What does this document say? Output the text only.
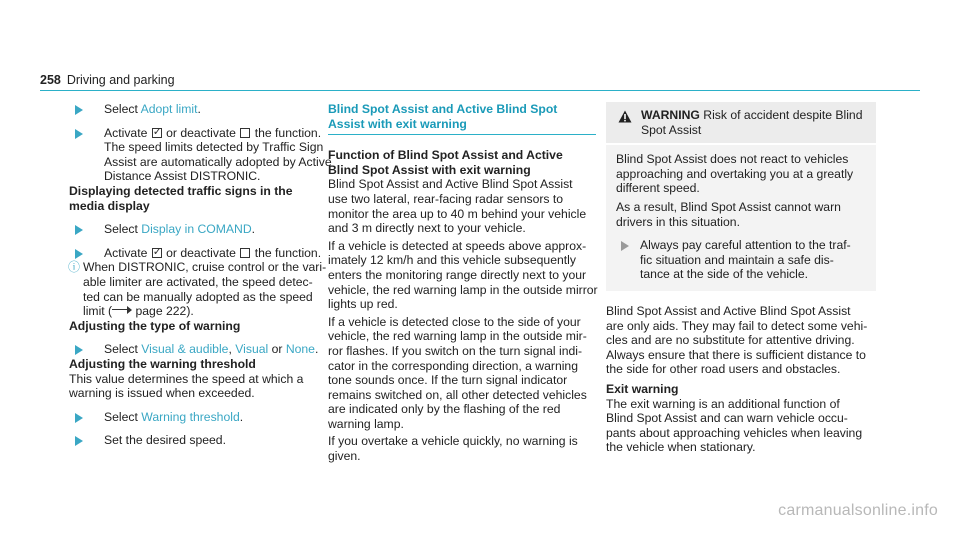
258 Driving and parking
Select Adopt limit.
Activate ✓ or deactivate  the function.
The speed limits detected by Traffic Sign
Assist are automatically adopted by Active
Distance Assist DISTRONIC.
Displaying detected traffic signs in the
media display
Select Display in COMAND.
Activate ✓ or deactivate  the function.
ⓘ When DISTRONIC, cruise control or the vari-
able limiter are activated, the speed detec-
ted can be manually adopted as the speed
limit ( page 222).
Adjusting the type of warning
Select Visual & audible, Visual or None.
Adjusting the warning threshold
This value determines the speed at which a
warning is issued when exceeded.
Select Warning threshold.
Set the desired speed.
Blind Spot Assist and Active Blind Spot
Assist with exit warning
Function of Blind Spot Assist and Active
Blind Spot Assist with exit warning
Blind Spot Assist and Active Blind Spot Assist
use two lateral, rear-facing radar sensors to
monitor the area up to 40 m behind your vehicle
and 3 m directly next to your vehicle.
If a vehicle is detected at speeds above approx-
imately 12 km/h and this vehicle subsequently
enters the monitoring range directly next to your
vehicle, the red warning lamp in the outside mirror
lights up red.
If a vehicle is detected close to the side of your
vehicle, the red warning lamp in the outside mir-
ror flashes. If you switch on the turn signal indi-
cator in the corresponding direction, a warning
tone sounds once. If the turn signal indicator
remains switched on, all other detected vehicles
are indicated only by the flashing of the red
warning lamp.
If you overtake a vehicle quickly, no warning is
given.
WARNING Risk of accident despite Blind
Spot Assist
Blind Spot Assist does not react to vehicles
approaching and overtaking you at a greatly
different speed.
As a result, Blind Spot Assist cannot warn
drivers in this situation.
Always pay careful attention to the traf-
fic situation and maintain a safe dis-
tance at the side of the vehicle.
Blind Spot Assist and Active Blind Spot Assist
are only aids. They may fail to detect some vehi-
cles and are no substitute for attentive driving.
Always ensure that there is sufficient distance to
the side for other road users and obstacles.
Exit warning
The exit warning is an additional function of
Blind Spot Assist and can warn vehicle occu-
pants about approaching vehicles when leaving
the vehicle when stationary.
carmanualsonline.info
